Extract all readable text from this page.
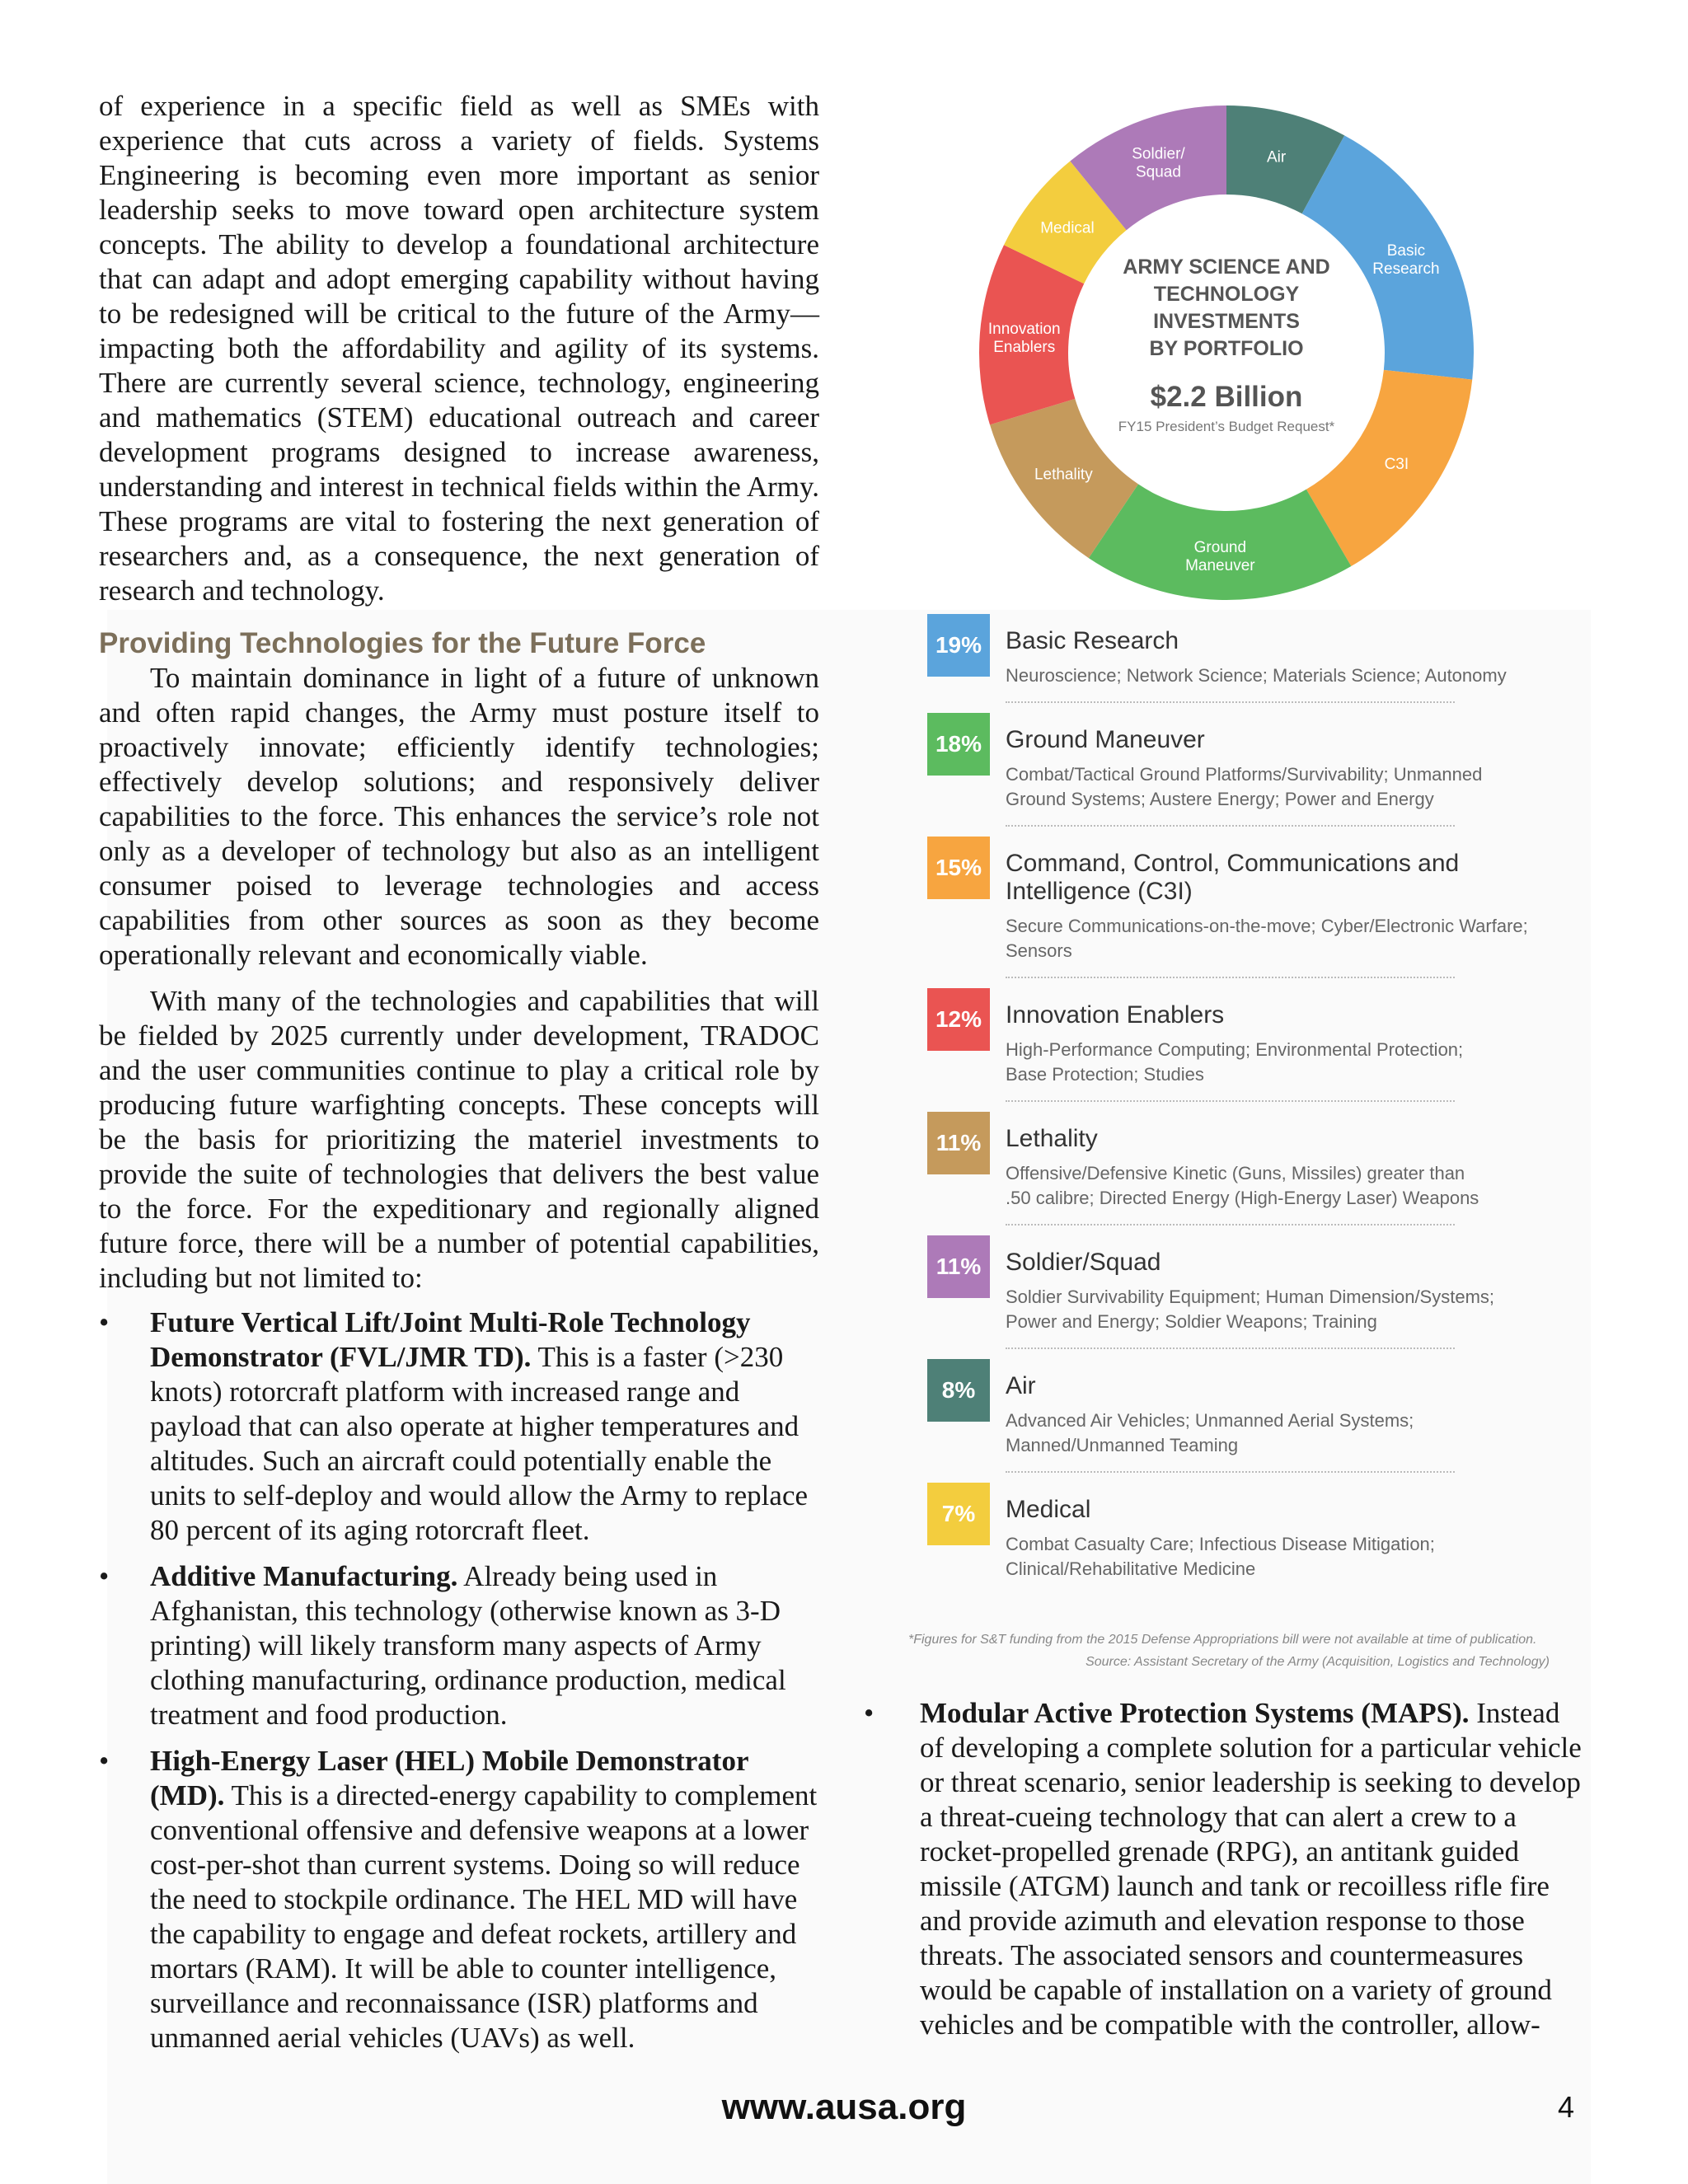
of experience in a specific field as well as SMEs with experience that cuts across a variety of fields. Systems Engineering is becoming even more important as senior leadership seeks to move toward open architecture system concepts. The ability to develop a foundational architecture that can adapt and adopt emerging capability without having to be redesigned will be critical to the future of the Army—impacting both the affordability and agility of its systems. There are currently several science, technology, engineering and mathematics (STEM) educational outreach and career development programs designed to increase awareness, understanding and interest in technical fields within the Army. These programs are vital to fostering the next generation of researchers and, as a consequence, the next generation of research and technology.

Providing Technologies for the Future Force

To maintain dominance in light of a future of unknown and often rapid changes, the Army must posture itself to proactively innovate; efficiently identify technologies; effectively develop solutions; and responsively deliver capabilities to the force. This enhances the service’s role not only as a developer of technology but also as an intelligent consumer poised to leverage technologies and access capabilities from other sources as soon as they become operationally relevant and economically viable.

With many of the technologies and capabilities that will be fielded by 2025 currently under development, TRADOC and the user communities continue to play a critical role by producing future warfighting concepts. These concepts will be the basis for prioritizing the materiel investments to provide the suite of technologies that delivers the best value to the force. For the expeditionary and regionally aligned future force, there will be a number of potential capabilities, including but not limited to:

• Future Vertical Lift/Joint Multi-Role Technology Demonstrator (FVL/JMR TD). This is a faster (>230 knots) rotorcraft platform with increased range and payload that can also operate at higher temperatures and altitudes. Such an aircraft could potentially enable the units to self-deploy and would allow the Army to replace 80 percent of its aging rotorcraft fleet.
• Additive Manufacturing. Already being used in Afghanistan, this technology (otherwise known as 3-D printing) will likely transform many aspects of Army clothing manufacturing, ordinance production, medical treatment and food production.
• High-Energy Laser (HEL) Mobile Demonstrator (MD). This is a directed-energy capability to complement conventional offensive and defensive weapons at a lower cost-per-shot than current systems. Doing so will reduce the need to stockpile ordinance. The HEL MD will have the capability to engage and defeat rockets, artillery and mortars (RAM). It will be able to counter intelligence, surveillance and reconnaissance (ISR) platforms and unmanned aerial vehicles (UAVs) as well.
Air
Basic Research
C3I
Ground Maneuver
Lethality
Innovation Enablers
Medical
Soldier/ Squad
ARMY SCIENCE AND
TECHNOLOGY INVESTMENTS
BY PORTFOLIO
$2.2 Billion
FY15 President’s Budget Request*
19% Basic Research
Neuroscience; Network Science; Materials Science; Autonomy
18% Ground Maneuver
Combat/Tactical Ground Platforms/Survivability; Unmanned Ground Systems; Austere Energy; Power and Energy
15% Command, Control, Communications and Intelligence (C3I)
Secure Communications-on-the-move; Cyber/Electronic Warfare; Sensors
12% Innovation Enablers
High-Performance Computing; Environmental Protection; Base Protection; Studies
11% Lethality
Offensive/Defensive Kinetic (Guns, Missiles) greater than .50 calibre; Directed Energy (High-Energy Laser) Weapons
11% Soldier/Squad
Soldier Survivability Equipment; Human Dimension/Systems; Power and Energy; Soldier Weapons; Training
8%	Air
Advanced Air Vehicles; Unmanned Aerial Systems; Manned/Unmanned Teaming
7%	Medical
Combat Casualty Care; Infectious Disease Mitigation; Clinical/Rehabilitative Medicine
*Figures for S&T funding from the 2015 Defense Appropriations bill were not available at time of publication.
Source: Assistant Secretary of the Army (Acquisition, Logistics and Technology)
• Modular Active Protection Systems (MAPS). Instead of developing a complete solution for a particular vehicle or threat scenario, senior leadership is seeking to develop a threat-cueing technology that can alert a crew to a rocket-propelled grenade (RPG), an antitank guided missile (ATGM) launch and tank or recoilless rifle fire and provide azimuth and elevation response to those threats. The associated sensors and countermeasures would be capable of installation on a variety of ground vehicles and be compatible with the controller, allow-
www.ausa.org	4
